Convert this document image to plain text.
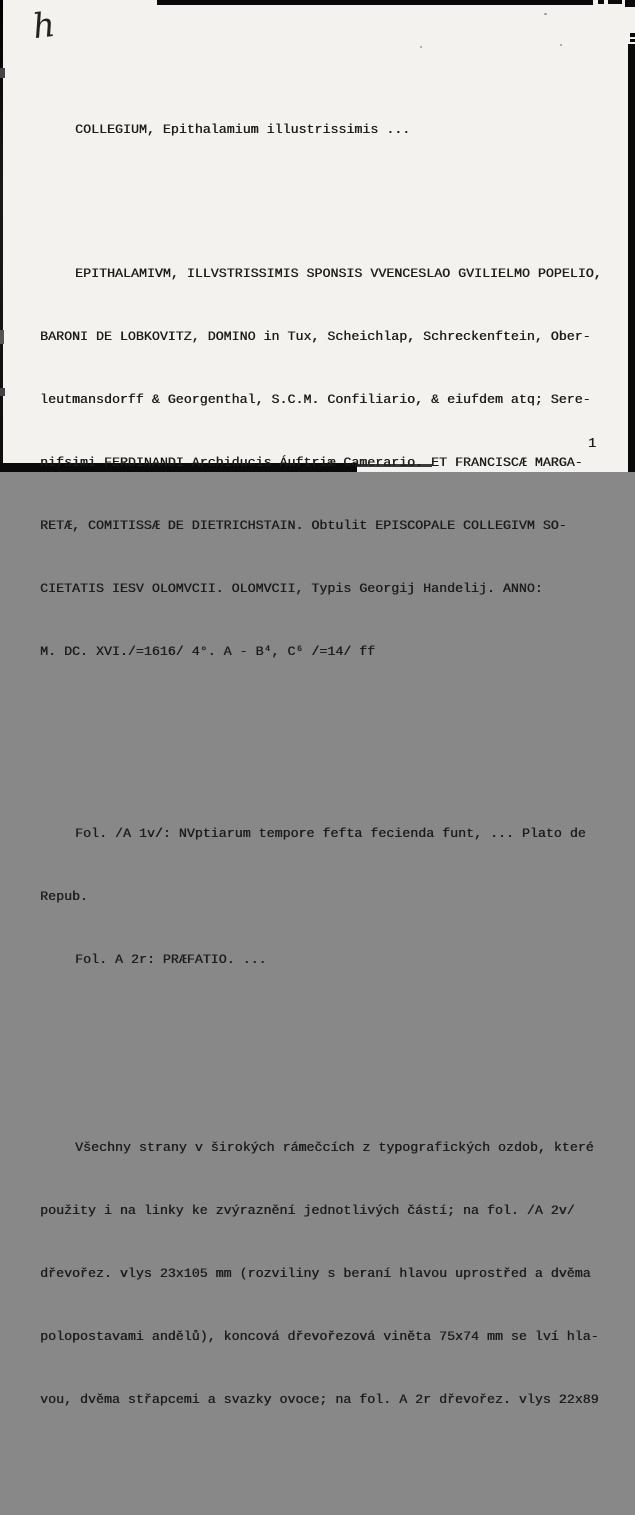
h

COLLEGIUM, Epithalamium illustrissimis ...

EPITHALAMIVM, ILLVSTRISSIMIS SPONSIS VVENCESLAO GVILIELMO POPELIO,

BARONI DE LOBKOVITZ, DOMINO in Tux, Scheichlap, Schreckenftein, Ober-

leutmansdorff & Georgenthal, S.C.M. Confiliario, & eiufdem atq; Sere-

nifsimi FERDINANDI Archiducis Áuftriæ Camerario. ET FRANCISCÆ MARGA-

RETÆ, COMITISSÆ DE DIETRICHSTAIN. Obtulit EPISCOPALE COLLEGIVM SO-

CIETATIS IESV OLOMVCII. OLOMVCII, Typis Georgij Handelij. ANNO:

M. DC. XVI./=1616/ 4°. A - B⁴, C⁶ /=14/ ff

Fol. /A 1v/: NVptiarum tempore fefta fecienda funt, ... Plato de

Repub.

Fol. A 2r: PRÆFATIO. ...

Všechny strany v širokých rámečcích z typografických ozdob, které

použity i na linky ke zvýraznění jednotlivých částí; na fol. /A 2v/

dřevořez. vlys 23x105 mm (rozviliny s beraní hlavou uprostřed a dvěma

polopostavami andělů), koncová dřevořezová viněta 75x74 mm se lví hla-

vou, dvěma střapcemi a svazky ovoce; na fol. A 2r dřevořez. vlys 22x89

1
